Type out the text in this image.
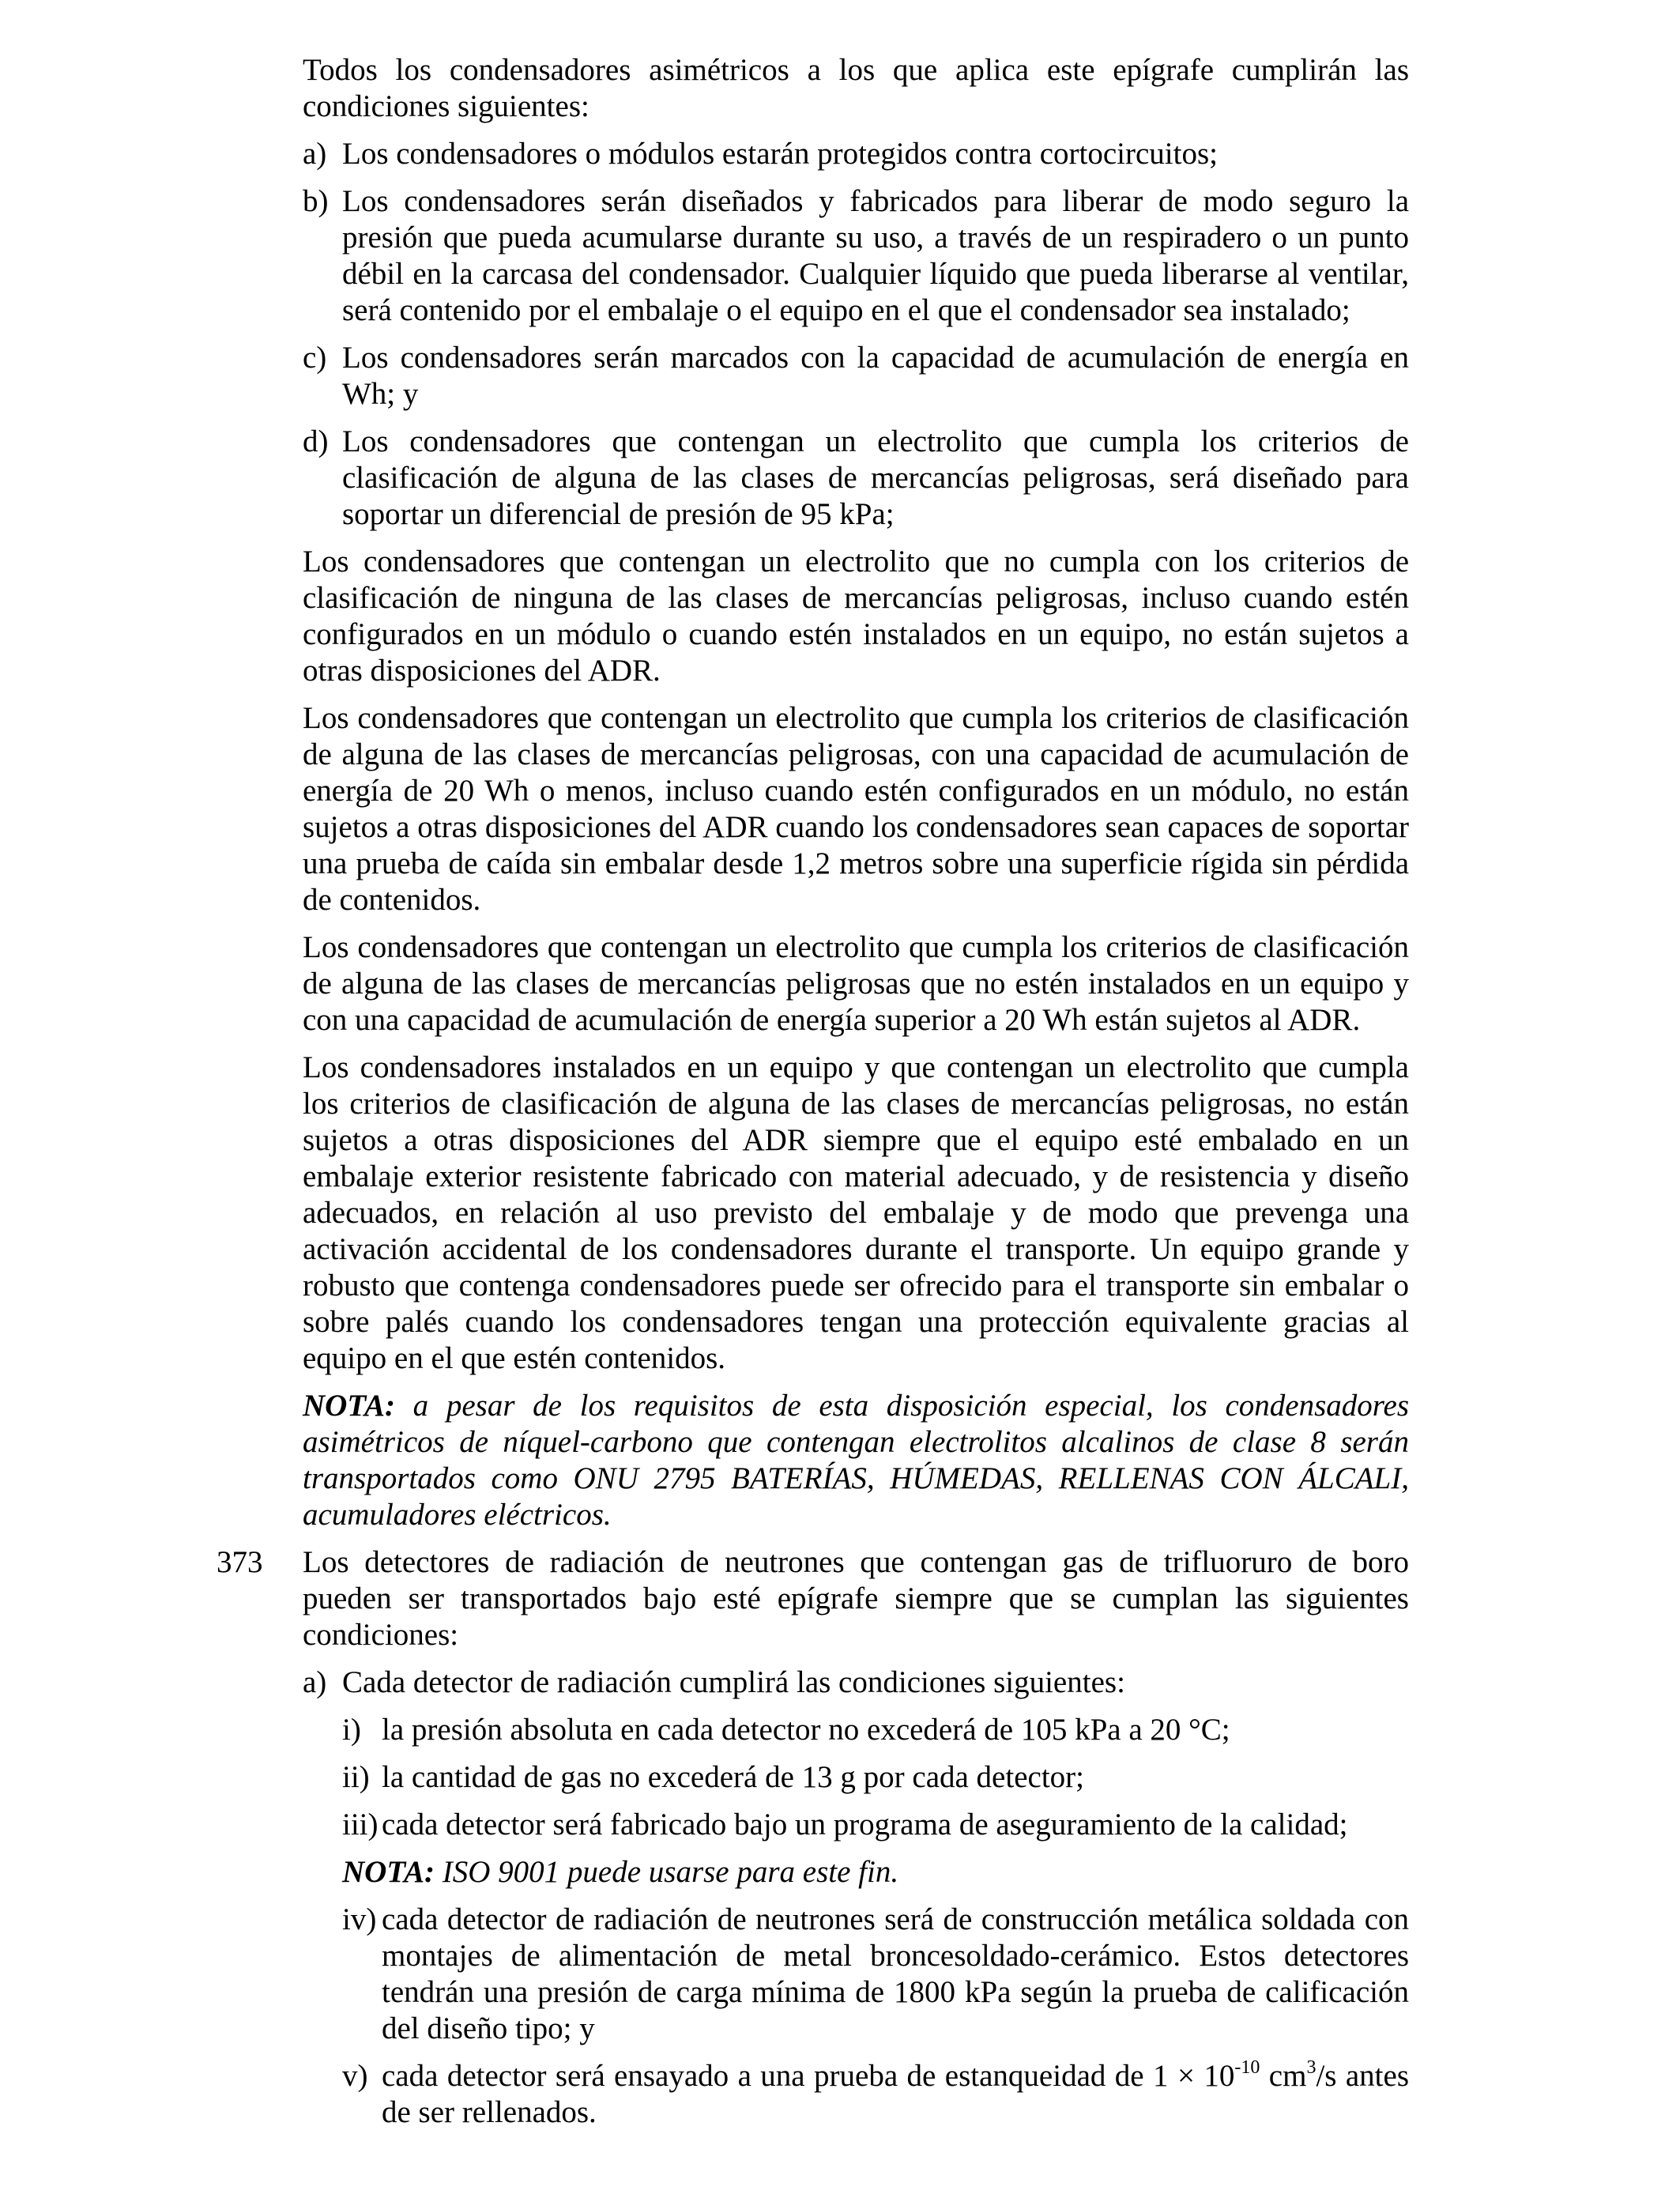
Todos los condensadores asimétricos a los que aplica este epígrafe cumplirán las condiciones siguientes:

a) Los condensadores o módulos estarán protegidos contra cortocircuitos;
b) Los condensadores serán diseñados y fabricados para liberar de modo seguro la presión que pueda acumularse durante su uso, a través de un respiradero o un punto débil en la carcasa del condensador. Cualquier líquido que pueda liberarse al ventilar, será contenido por el embalaje o el equipo en el que el condensador sea instalado;
c) Los condensadores serán marcados con la capacidad de acumulación de energía en Wh; y
d) Los condensadores que contengan un electrolito que cumpla los criterios de clasificación de alguna de las clases de mercancías peligrosas, será diseñado para soportar un diferencial de presión de 95 kPa;

Los condensadores que contengan un electrolito que no cumpla con los criterios de clasificación de ninguna de las clases de mercancías peligrosas, incluso cuando estén configurados en un módulo o cuando estén instalados en un equipo, no están sujetos a otras disposiciones del ADR.

Los condensadores que contengan un electrolito que cumpla los criterios de clasificación de alguna de las clases de mercancías peligrosas, con una capacidad de acumulación de energía de 20 Wh o menos, incluso cuando estén configurados en un módulo, no están sujetos a otras disposiciones del ADR cuando los condensadores sean capaces de soportar una prueba de caída sin embalar desde 1,2 metros sobre una superficie rígida sin pérdida de contenidos.

Los condensadores que contengan un electrolito que cumpla los criterios de clasificación de alguna de las clases de mercancías peligrosas que no estén instalados en un equipo y con una capacidad de acumulación de energía superior a 20 Wh están sujetos al ADR.

Los condensadores instalados en un equipo y que contengan un electrolito que cumpla los criterios de clasificación de alguna de las clases de mercancías peligrosas, no están sujetos a otras disposiciones del ADR siempre que el equipo esté embalado en un embalaje exterior resistente fabricado con material adecuado, y de resistencia y diseño adecuados, en relación al uso previsto del embalaje y de modo que prevenga una activación accidental de los condensadores durante el transporte. Un equipo grande y robusto que contenga condensadores puede ser ofrecido para el transporte sin embalar o sobre palés cuando los condensadores tengan una protección equivalente gracias al equipo en el que estén contenidos.

NOTA: a pesar de los requisitos de esta disposición especial, los condensadores asimétricos de níquel-carbono que contengan electrolitos alcalinos de clase 8 serán transportados como ONU 2795 BATERÍAS, HÚMEDAS, RELLENAS CON ÁLCALI, acumuladores eléctricos.

373 Los detectores de radiación de neutrones que contengan gas de trifluoruro de boro pueden ser transportados bajo esté epígrafe siempre que se cumplan las siguientes condiciones:
a) Cada detector de radiación cumplirá las condiciones siguientes:
i) la presión absoluta en cada detector no excederá de 105 kPa a 20 °C;
ii) la cantidad de gas no excederá de 13 g por cada detector;
iii) cada detector será fabricado bajo un programa de aseguramiento de la calidad;

NOTA: ISO 9001 puede usarse para este fin.

iv) cada detector de radiación de neutrones será de construcción metálica soldada con montajes de alimentación de metal broncesoldado-cerámico. Estos detectores tendrán una presión de carga mínima de 1800 kPa según la prueba de calificación del diseño tipo; y
v) cada detector será ensayado a una prueba de estanqueidad de $1 \times 10^{-10}$ $cm^3/s$ antes de ser rellenados.
